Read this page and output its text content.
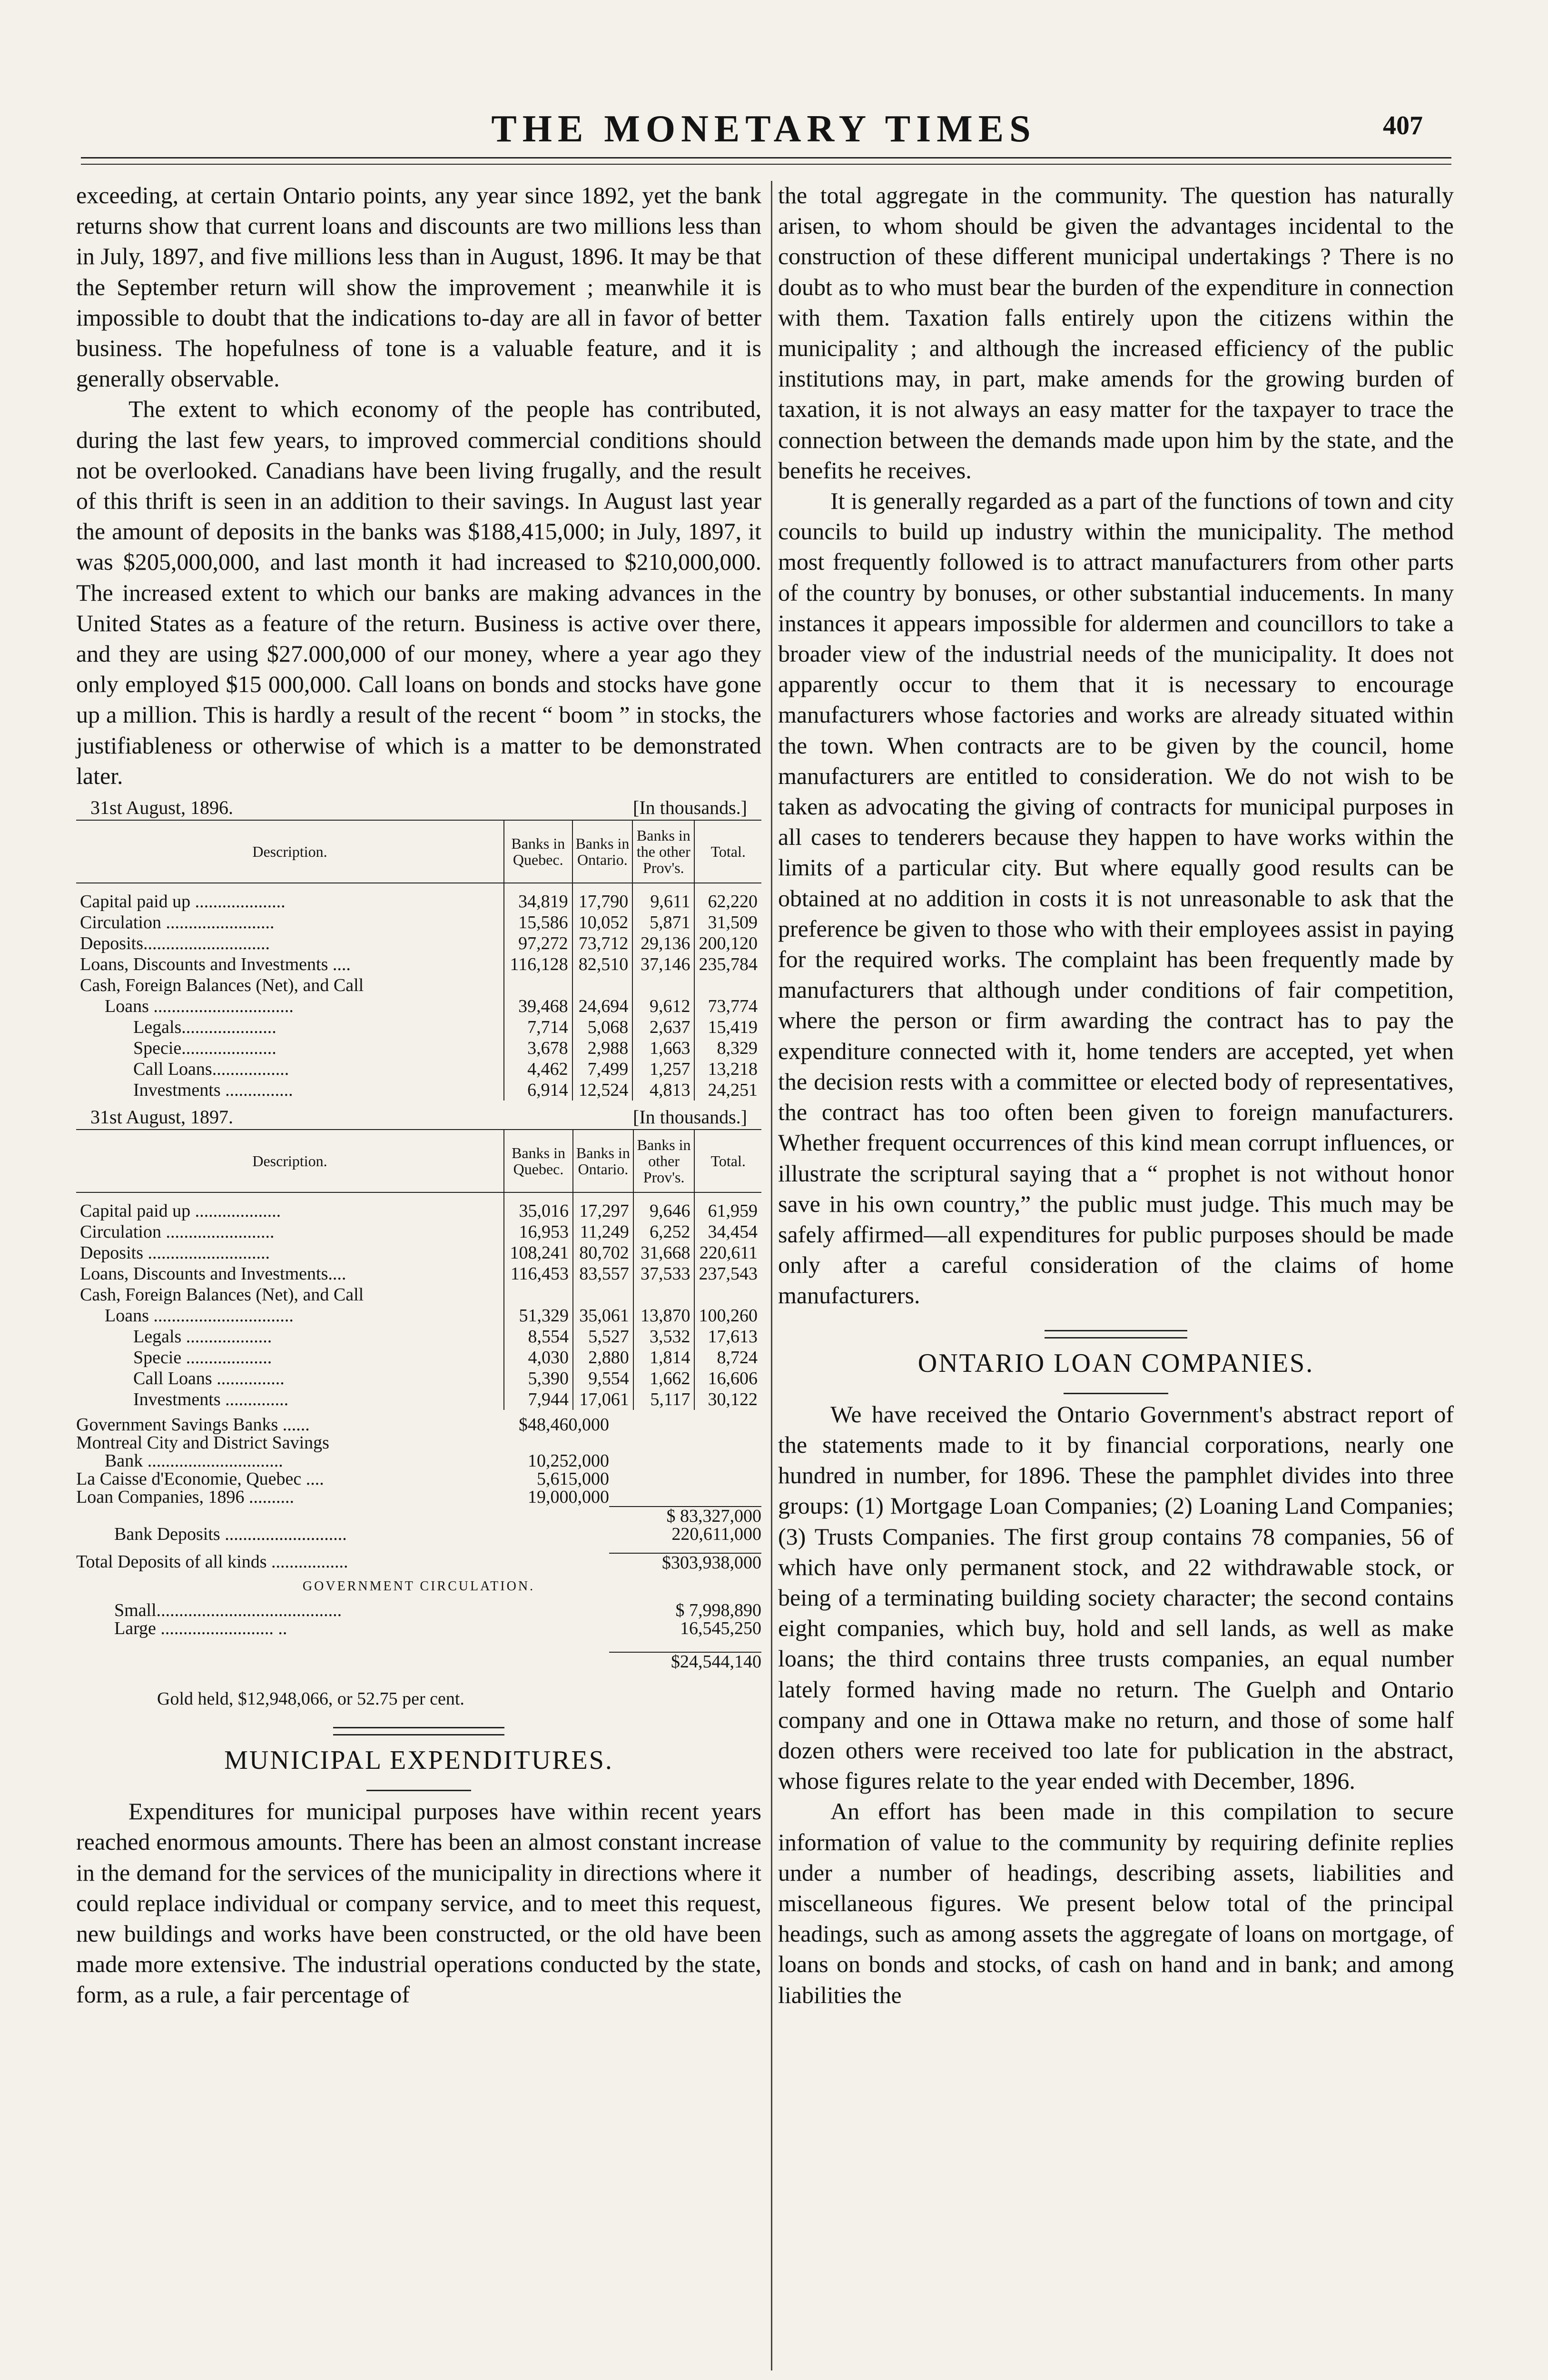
THE MONETARY TIMES	407

exceeding, at certain Ontario points, any year since 1892, yet the bank returns show that current loans and discounts are two millions less than in July, 1897, and five millions less than in August, 1896. It may be that the September return will show the improvement ; meanwhile it is impossible to doubt that the indications to-day are all in favor of better business. The hopefulness of tone is a valuable feature, and it is generally observable.

The extent to which economy of the people has contributed, during the last few years, to improved commercial conditions should not be overlooked. Canadians have been living frugally, and the result of this thrift is seen in an addition to their savings. In August last year the amount of deposits in the banks was $188,415,000; in July, 1897, it was $205,000,000, and last month it had increased to $210,000,000. The increased extent to which our banks are making advances in the United States as a feature of the return. Business is active over there, and they are using $27.000,000 of our money, where a year ago they only employed $15 000,000. Call loans on bonds and stocks have gone up a million. This is hardly a result of the recent “ boom ” in stocks, the justifiableness or otherwise of which is a matter to be demonstrated later.

31st August, 1896.	[In thousands.]
Description.	Banks in Quebec.	Banks in Ontario.	Banks in the other Prov's.	Total.
Capital paid up ....................	34,819	17,790	9,611	62,220
Circulation ........................	15,586	10,052	5,871	31,509
Deposits............................	97,272	73,712	29,136	200,120
Loans, Discounts and Investments ....	116,128	82,510	37,146	235,784
Cash, Foreign Balances (Net), and Call				
Loans ...............................	39,468	24,694	9,612	73,774
Legals.....................	7,714	5,068	2,637	15,419
Specie.....................	3,678	2,988	1,663	8,329
Call Loans.................	4,462	7,499	1,257	13,218
Investments ...............	6,914	12,524	4,813	24,251
31st August, 1897.	[In thousands.]
Description.	Banks in Quebec.	Banks in Ontario.	Banks in other Prov's.	Total.
Capital paid up ...................	35,016	17,297	9,646	61,959
Circulation ........................	16,953	11,249	6,252	34,454
Deposits ...........................	108,241	80,702	31,668	220,611
Loans, Discounts and Investments....	116,453	83,557	37,533	237,543
Cash, Foreign Balances (Net), and Call				
Loans ...............................	51,329	35,061	13,870	100,260
Legals ...................	8,554	5,527	3,532	17,613
Specie ...................	4,030	2,880	1,814	8,724
Call Loans ...............	5,390	9,554	1,662	16,606
Investments ..............	7,944	17,061	5,117	30,122
Government Savings Banks ......	$48,460,000
Montreal City and District Savings
Bank ..............................	10,252,000
La Caisse d'Economie, Quebec ....	5,615,000
Loan Companies, 1896 ..........	19,000,000
$ 83,327,000
Bank Deposits ...........................	220,611,000
Total Deposits of all kinds .................	$303,938,000
GOVERNMENT CIRCULATION.
Small.........................................	$ 7,998,890
Large ......................... ..	16,545,250
$24,544,140
Gold held, $12,948,066, or 52.75 per cent.
MUNICIPAL EXPENDITURES.

Expenditures for municipal purposes have within recent years reached enormous amounts. There has been an almost constant increase in the demand for the services of the municipality in directions where it could replace individual or company service, and to meet this request, new buildings and works have been constructed, or the old have been made more extensive. The industrial operations conducted by the state, form, as a rule, a fair percentage of

the total aggregate in the community. The question has naturally arisen, to whom should be given the advantages incidental to the construction of these different municipal undertakings ? There is no doubt as to who must bear the burden of the expenditure in connection with them. Taxation falls entirely upon the citizens within the municipality ; and although the increased efficiency of the public institutions may, in part, make amends for the growing burden of taxation, it is not always an easy matter for the taxpayer to trace the connection between the demands made upon him by the state, and the benefits he receives.

It is generally regarded as a part of the functions of town and city councils to build up industry within the municipality. The method most frequently followed is to attract manufacturers from other parts of the country by bonuses, or other substantial inducements. In many instances it appears impossible for aldermen and councillors to take a broader view of the industrial needs of the municipality. It does not apparently occur to them that it is necessary to encourage manufacturers whose factories and works are already situated within the town. When contracts are to be given by the council, home manufacturers are entitled to consideration. We do not wish to be taken as advocating the giving of contracts for municipal purposes in all cases to tenderers because they happen to have works within the limits of a particular city. But where equally good results can be obtained at no addition in costs it is not unreasonable to ask that the preference be given to those who with their employees assist in paying for the required works. The complaint has been frequently made by manufacturers that although under conditions of fair competition, where the person or firm awarding the contract has to pay the expenditure connected with it, home tenders are accepted, yet when the decision rests with a committee or elected body of representatives, the contract has too often been given to foreign manufacturers. Whether frequent occurrences of this kind mean corrupt influences, or illustrate the scriptural saying that a “ prophet is not without honor save in his own country,” the public must judge. This much may be safely affirmed—all expenditures for public purposes should be made only after a careful consideration of the claims of home manufacturers.

ONTARIO LOAN COMPANIES.

We have received the Ontario Government's abstract report of the statements made to it by financial corporations, nearly one hundred in number, for 1896. These the pamphlet divides into three groups: (1) Mortgage Loan Companies; (2) Loaning Land Companies; (3) Trusts Companies. The first group contains 78 companies, 56 of which have only permanent stock, and 22 withdrawable stock, or being of a terminating building society character; the second contains eight companies, which buy, hold and sell lands, as well as make loans; the third contains three trusts companies, an equal number lately formed having made no return. The Guelph and Ontario company and one in Ottawa make no return, and those of some half dozen others were received too late for publication in the abstract, whose figures relate to the year ended with December, 1896.

An effort has been made in this compilation to secure information of value to the community by requiring definite replies under a number of headings, describing assets, liabilities and miscellaneous figures. We present below total of the principal headings, such as among assets the aggregate of loans on mortgage, of loans on bonds and stocks, of cash on hand and in bank; and among liabilities the
